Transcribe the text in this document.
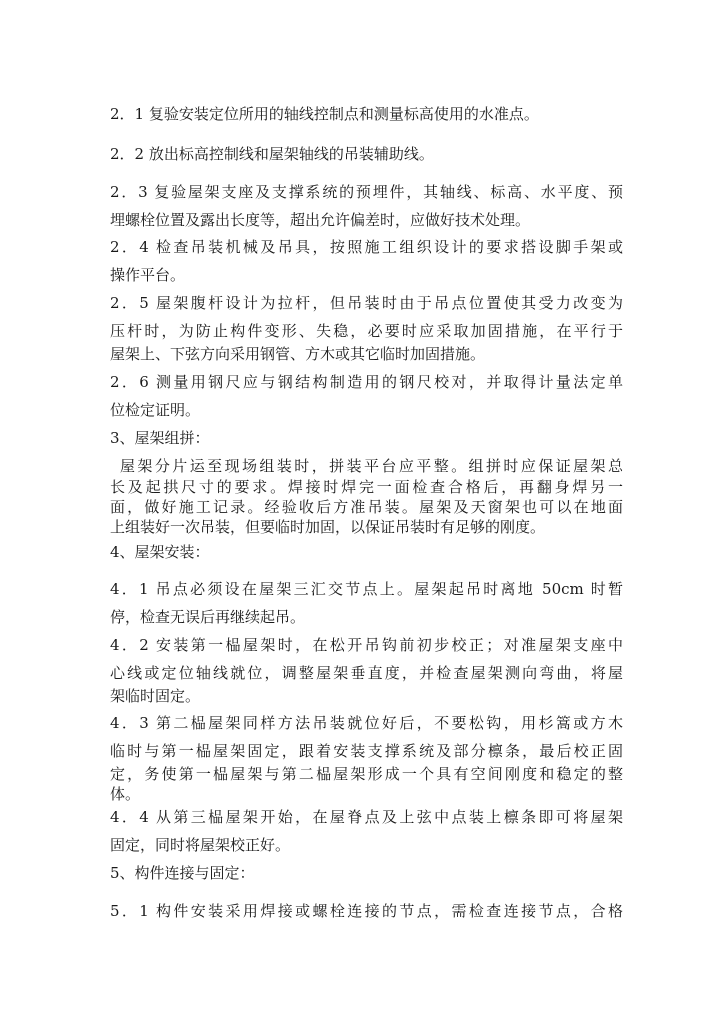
2．1 复验安装定位所用的轴线控制点和测量标高使用的水准点。
2．2 放出标高控制线和屋架轴线的吊装辅助线。
2．3 复验屋架支座及支撑系统的预埋件，其轴线、标高、水平度、预
埋螺栓位置及露出长度等，超出允许偏差时，应做好技术处理。
2．4 检查吊装机械及吊具，按照施工组织设计的要求搭设脚手架或
操作平台。
2．5 屋架腹杆设计为拉杆，但吊装时由于吊点位置使其受力改变为
压杆时，为防止构件变形、失稳，必要时应采取加固措施，在平行于
屋架上、下弦方向采用钢管、方木或其它临时加固措施。
2．6 测量用钢尺应与钢结构制造用的钢尺校对，并取得计量法定单
位检定证明。
3、屋架组拼：
屋架分片运至现场组装时，拼装平台应平整。组拼时应保证屋架总
长及起拱尺寸的要求。焊接时焊完一面检查合格后，再翻身焊另一
面，做好施工记录。经验收后方准吊装。屋架及天窗架也可以在地面
上组装好一次吊装，但要临时加固，以保证吊装时有足够的刚度。
4、屋架安装：
4．1 吊点必须设在屋架三汇交节点上。屋架起吊时离地 50cm 时暂
停，检查无误后再继续起吊。
4．2 安装第一榀屋架时，在松开吊钩前初步校正；对准屋架支座中
心线或定位轴线就位，调整屋架垂直度，并检查屋架测向弯曲，将屋
架临时固定。
4．3 第二榀屋架同样方法吊装就位好后，不要松钩，用杉篙或方木
临时与第一榀屋架固定，跟着安装支撑系统及部分檩条，最后校正固
定，务使第一榀屋架与第二榀屋架形成一个具有空间刚度和稳定的整
体。
4．4 从第三榀屋架开始，在屋脊点及上弦中点装上檩条即可将屋架
固定，同时将屋架校正好。
5、构件连接与固定：
5．1 构件安装采用焊接或螺栓连接的节点，需检查连接节点，合格
